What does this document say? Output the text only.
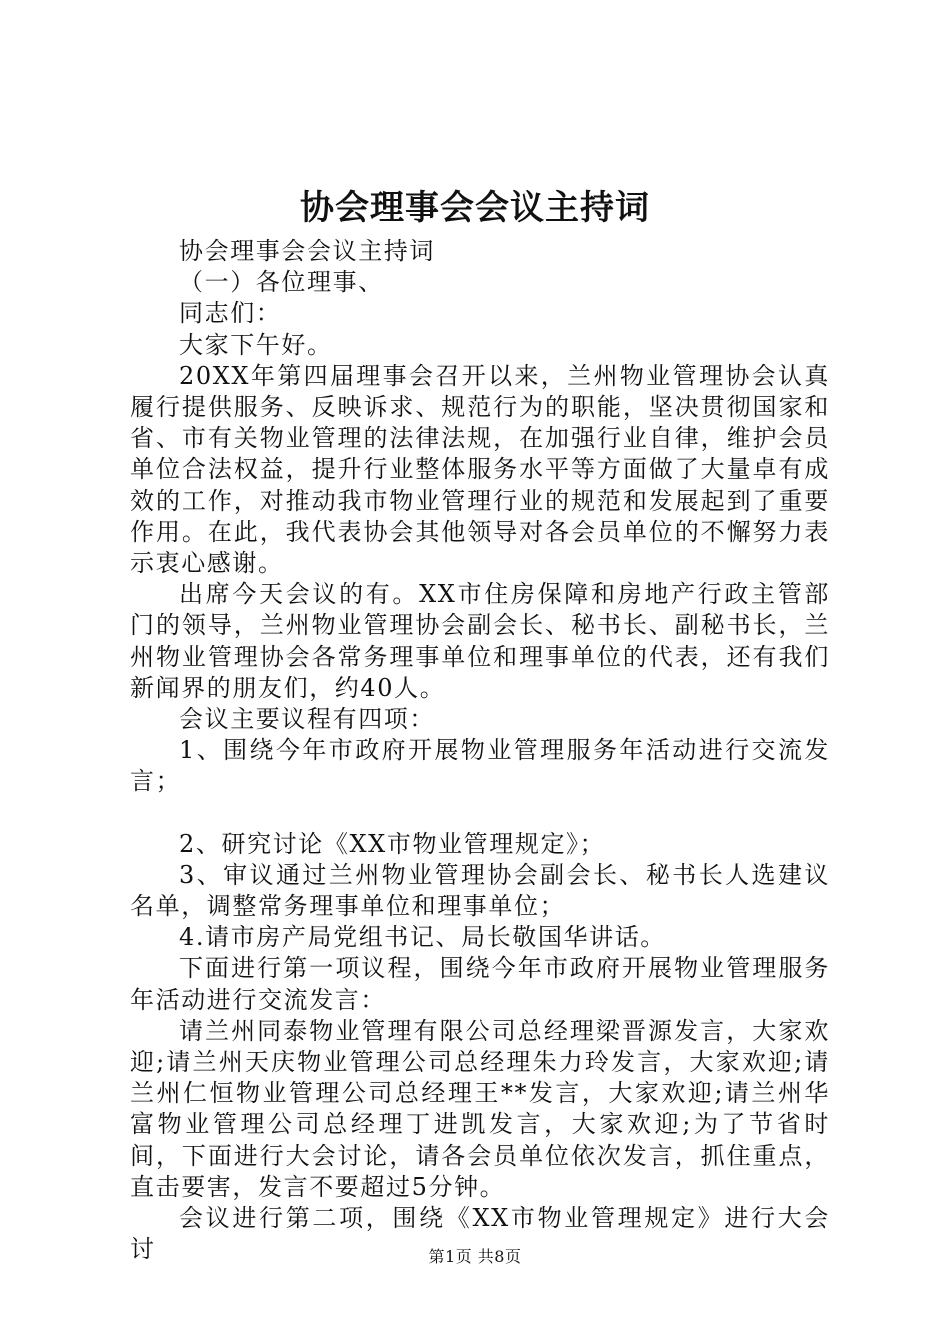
协会理事会会议主持词

协会理事会会议主持词

（一）各位理事、

同志们：

大家下午好。

20XX年第四届理事会召开以来，兰州物业管理协会认真履行提供服务、反映诉求、规范行为的职能，坚决贯彻国家和省、市有关物业管理的法律法规，在加强行业自律，维护会员单位合法权益，提升行业整体服务水平等方面做了大量卓有成效的工作，对推动我市物业管理行业的规范和发展起到了重要作用。在此，我代表协会其他领导对各会员单位的不懈努力表示衷心感谢。

出席今天会议的有。XX市住房保障和房地产行政主管部门的领导，兰州物业管理协会副会长、秘书长、副秘书长，兰州物业管理协会各常务理事单位和理事单位的代表，还有我们新闻界的朋友们，约40人。

会议主要议程有四项：

1、围绕今年市政府开展物业管理服务年活动进行交流发言；

2、研究讨论《XX市物业管理规定》；

3、审议通过兰州物业管理协会副会长、秘书长人选建议名单，调整常务理事单位和理事单位；

4.请市房产局党组书记、局长敬国华讲话。

下面进行第一项议程，围绕今年市政府开展物业管理服务年活动进行交流发言：

请兰州同泰物业管理有限公司总经理梁晋源发言，大家欢迎;请兰州天庆物业管理公司总经理朱力玲发言，大家欢迎;请兰州仁恒物业管理公司总经理王**发言，大家欢迎;请兰州华富物业管理公司总经理丁进凯发言，大家欢迎;为了节省时间，下面进行大会讨论，请各会员单位依次发言，抓住重点，直击要害，发言不要超过5分钟。

会议进行第二项，围绕《XX市物业管理规定》进行大会讨	第1页 共8页
